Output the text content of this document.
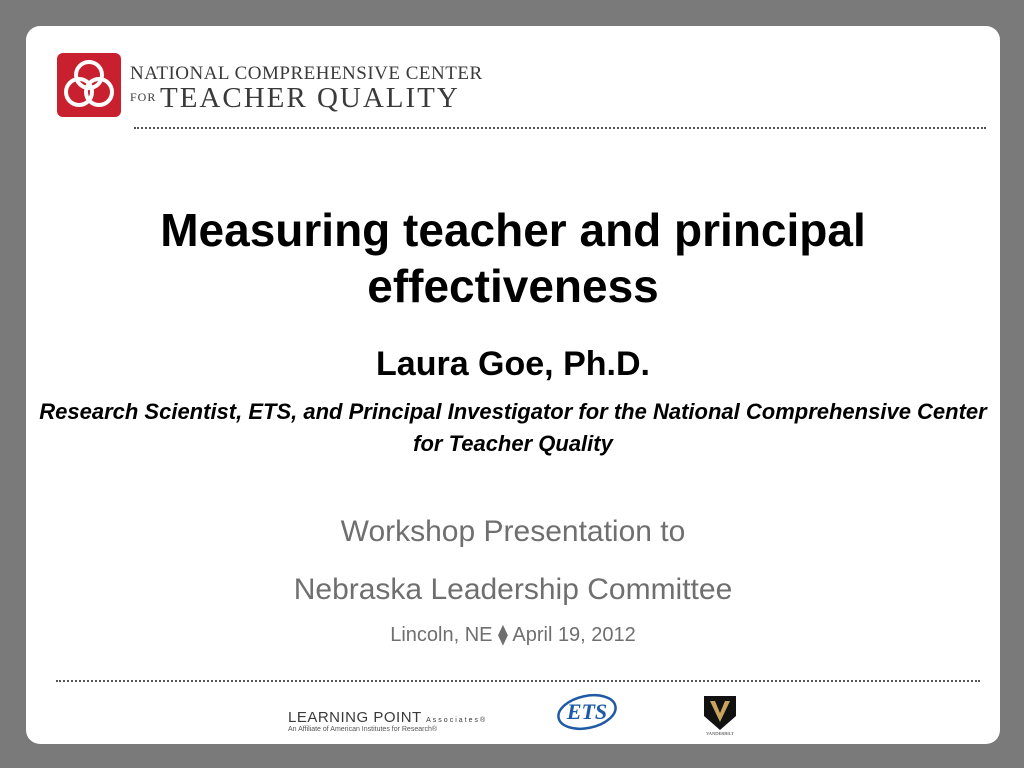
NATIONAL COMPREHENSIVE CENTER
FOR TEACHER QUALITY
Measuring teacher and principal effectiveness
Laura Goe, Ph.D.
Research Scientist, ETS, and Principal Investigator for the National Comprehensive Center for Teacher Quality
Workshop Presentation to
Nebraska Leadership Committee
Lincoln, NE ⧫ April 19, 2012
LEARNING POINT Associates®
An Affiliate of American Institutes for Research®
ETS
VANDERBILT
